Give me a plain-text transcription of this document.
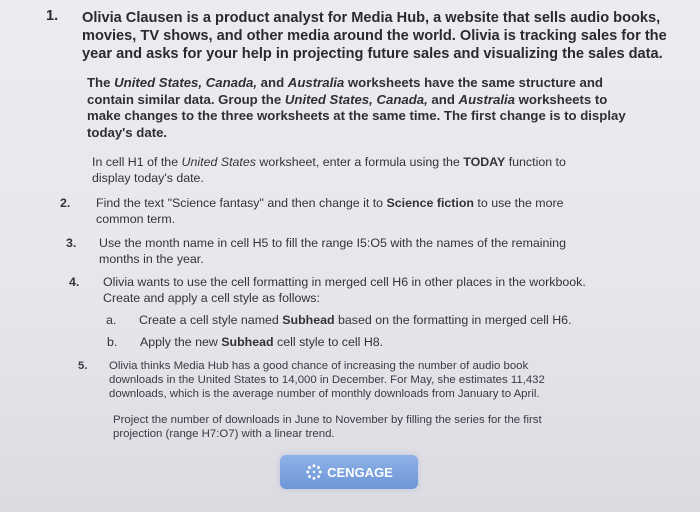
1. Olivia Clausen is a product analyst for Media Hub, a website that sells audio books,
movies, TV shows, and other media around the world. Olivia is tracking sales for the
year and asks for your help in projecting future sales and visualizing the sales data.
The United States, Canada, and Australia worksheets have the same structure and
contain similar data. Group the United States, Canada, and Australia worksheets to
make changes to the three worksheets at the same time. The first change is to display
today's date.
In cell H1 of the United States worksheet, enter a formula using the TODAY function to
display today's date.
2. Find the text "Science fantasy" and then change it to Science fiction to use the more
common term.
3. Use the month name in cell H5 to fill the range I5:O5 with the names of the remaining
months in the year.
4. Olivia wants to use the cell formatting in merged cell H6 in other places in the workbook.
Create and apply a cell style as follows:
a. Create a cell style named Subhead based on the formatting in merged cell H6.
b. Apply the new Subhead cell style to cell H8.
5. Olivia thinks Media Hub has a good chance of increasing the number of audio book
downloads in the United States to 14,000 in December. For May, she estimates 11,432
downloads, which is the average number of monthly downloads from January to April.
Project the number of downloads in June to November by filling the series for the first
projection (range H7:O7) with a linear trend.
CENGAGE
